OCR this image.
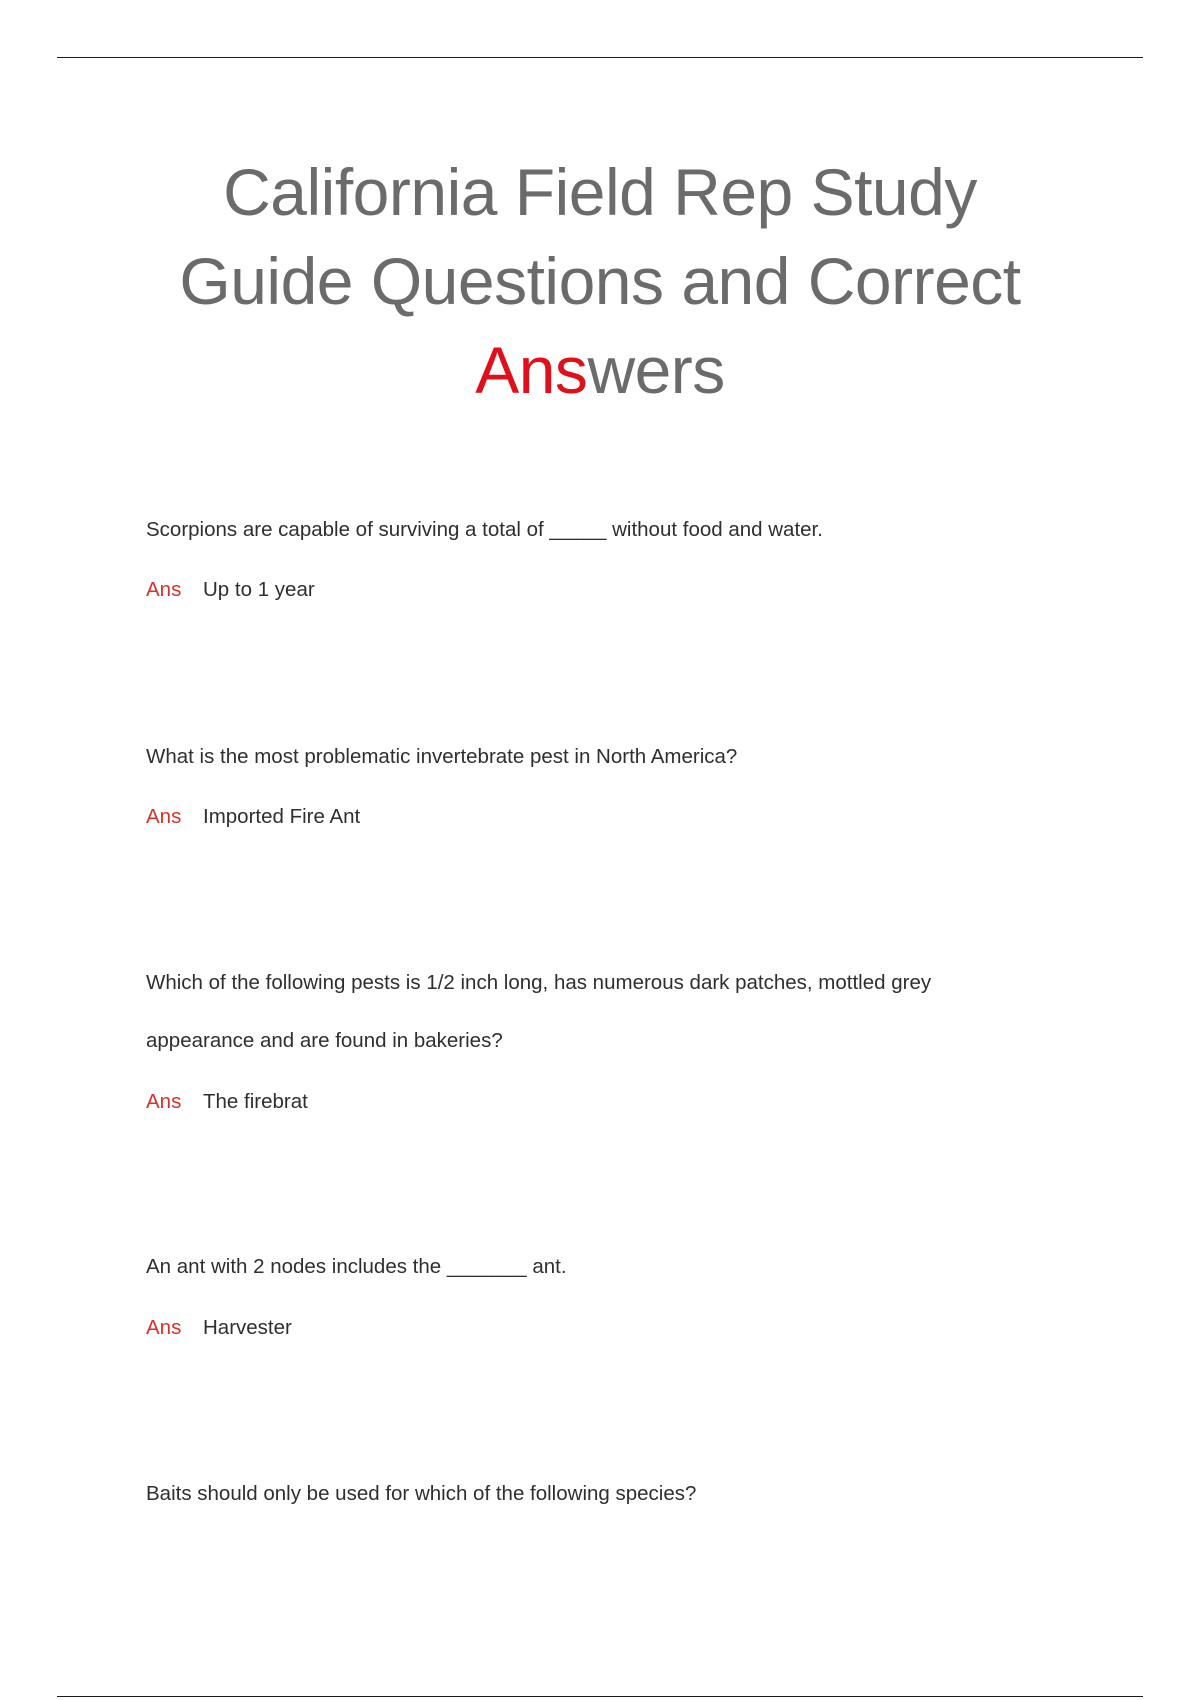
California Field Rep Study
Guide Questions and Correct
Answers

Scorpions are capable of surviving a total of _____ without food and water.

Ans	Up to 1 year

What is the most problematic invertebrate pest in North America?

Ans	Imported Fire Ant

Which of the following pests is 1/2 inch long, has numerous dark patches, mottled grey

appearance and are found in bakeries?

Ans	The firebrat

An ant with 2 nodes includes the _______ ant.

Ans	Harvester

Baits should only be used for which of the following species?
